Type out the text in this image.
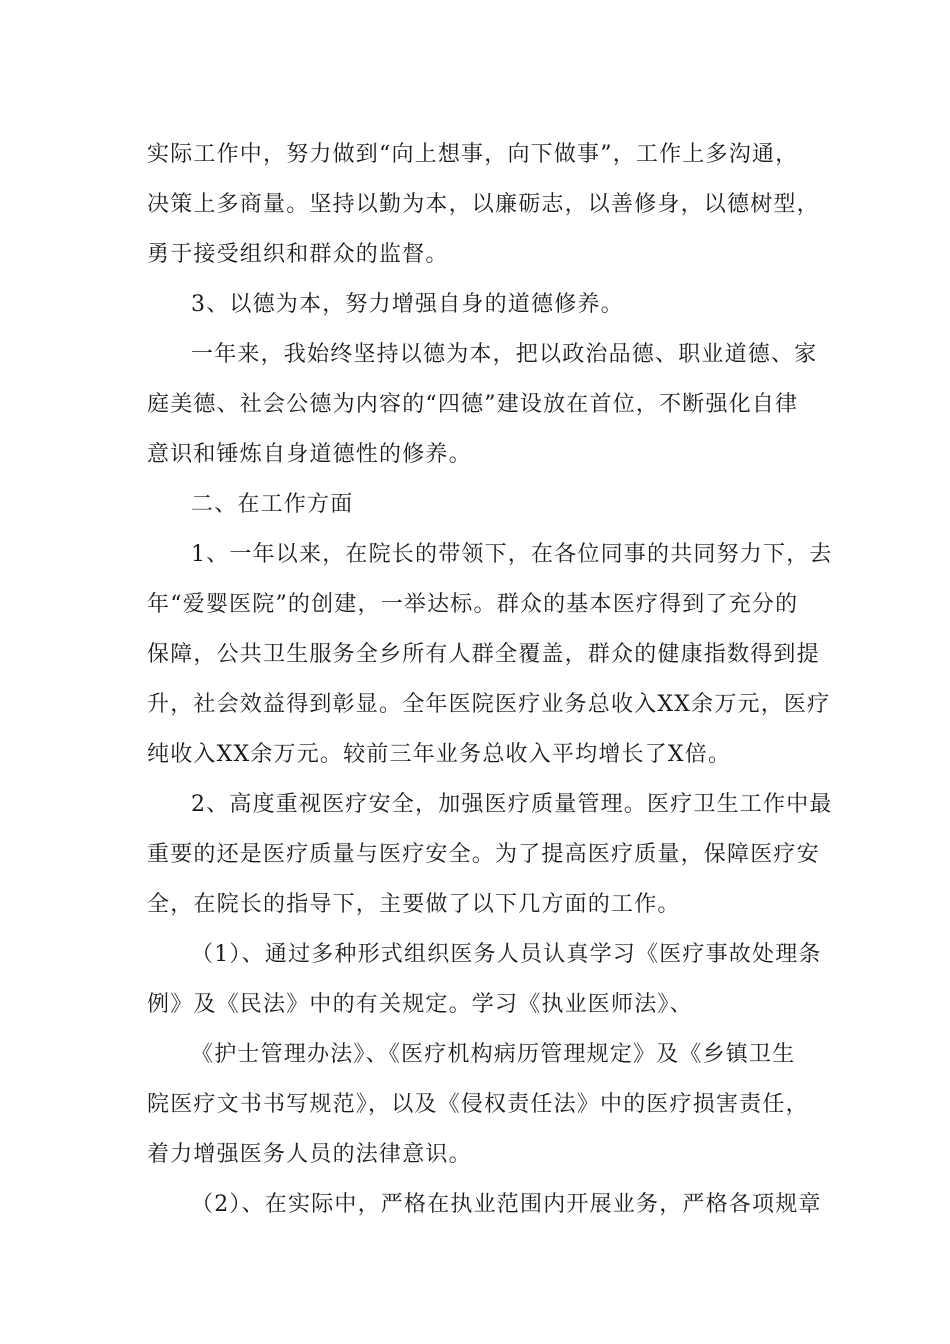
实际工作中，努力做到“向上想事，向下做事”，工作上多沟通，
决策上多商量。坚持以勤为本，以廉砺志，以善修身，以德树型，
勇于接受组织和群众的监督。
3、以德为本，努力增强自身的道德修养。
一年来，我始终坚持以德为本，把以政治品德、职业道德、家
庭美德、社会公德为内容的“四德”建设放在首位，不断强化自律
意识和锤炼自身道德性的修养。
二、在工作方面
1、一年以来，在院长的带领下，在各位同事的共同努力下，去
年“爱婴医院”的创建，一举达标。群众的基本医疗得到了充分的
保障，公共卫生服务全乡所有人群全覆盖，群众的健康指数得到提
升，社会效益得到彰显。全年医院医疗业务总收入XX余万元，医疗
纯收入XX余万元。较前三年业务总收入平均增长了X倍。
2、高度重视医疗安全，加强医疗质量管理。医疗卫生工作中最
重要的还是医疗质量与医疗安全。为了提高医疗质量，保障医疗安
全，在院长的指导下，主要做了以下几方面的工作。
（1）、通过多种形式组织医务人员认真学习《医疗事故处理条
例》及《民法》中的有关规定。学习《执业医师法》、
《护士管理办法》、《医疗机构病历管理规定》及《乡镇卫生
院医疗文书书写规范》，以及《侵权责任法》中的医疗损害责任，
着力增强医务人员的法律意识。
（2）、在实际中，严格在执业范围内开展业务，严格各项规章
